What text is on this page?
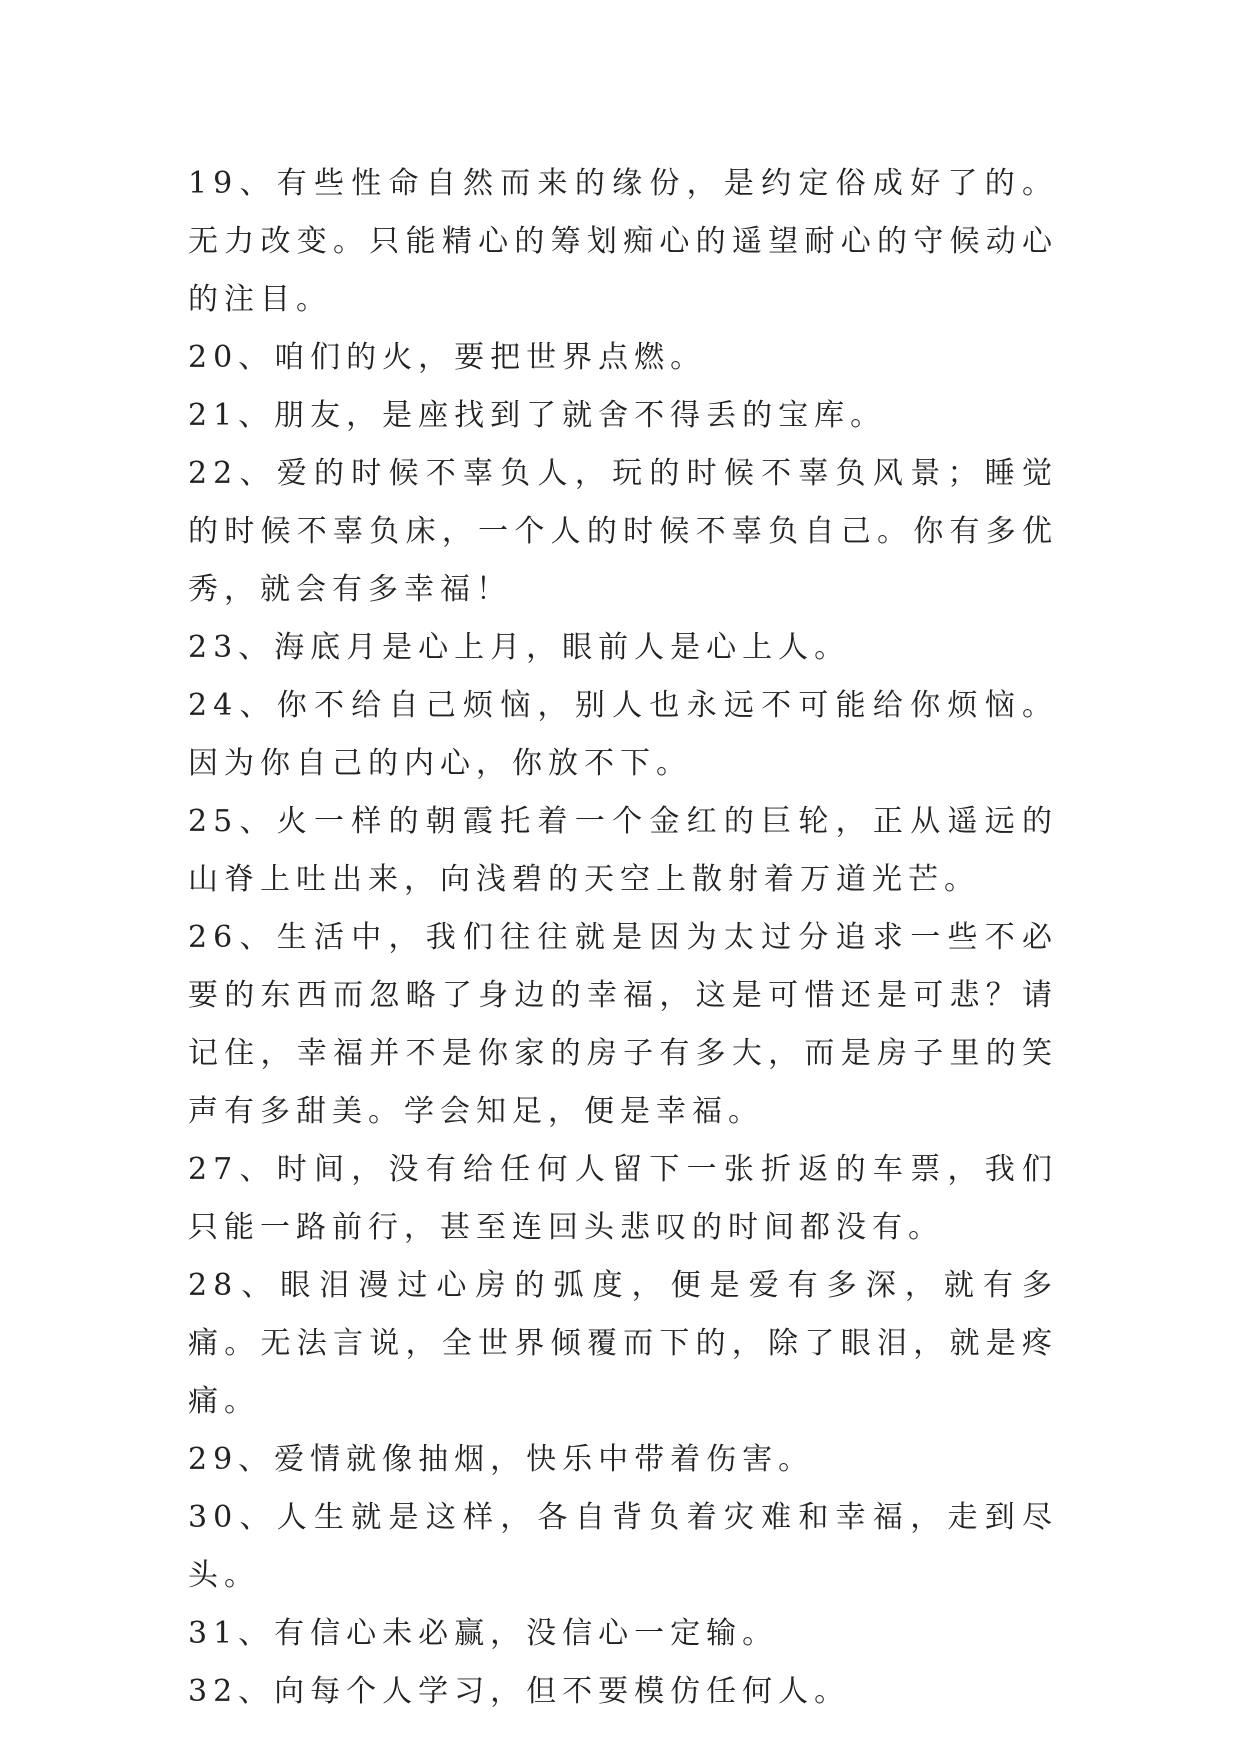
19、有些性命自然而来的缘份，是约定俗成好了的。无力改变。只能精心的筹划痴心的遥望耐心的守候动心的注目。

20、咱们的火，要把世界点燃。

21、朋友，是座找到了就舍不得丢的宝库。

22、爱的时候不辜负人，玩的时候不辜负风景；睡觉的时候不辜负床，一个人的时候不辜负自己。你有多优秀，就会有多幸福！

23、海底月是心上月，眼前人是心上人。

24、你不给自己烦恼，别人也永远不可能给你烦恼。因为你自己的内心，你放不下。

25、火一样的朝霞托着一个金红的巨轮，正从遥远的山脊上吐出来，向浅碧的天空上散射着万道光芒。

26、生活中，我们往往就是因为太过分追求一些不必要的东西而忽略了身边的幸福，这是可惜还是可悲？请记住，幸福并不是你家的房子有多大，而是房子里的笑声有多甜美。学会知足，便是幸福。

27、时间，没有给任何人留下一张折返的车票，我们只能一路前行，甚至连回头悲叹的时间都没有。

28、眼泪漫过心房的弧度，便是爱有多深，就有多痛。无法言说，全世界倾覆而下的，除了眼泪，就是疼痛。

29、爱情就像抽烟，快乐中带着伤害。

30、人生就是这样，各自背负着灾难和幸福，走到尽头。

31、有信心未必赢，没信心一定输。

32、向每个人学习，但不要模仿任何人。
